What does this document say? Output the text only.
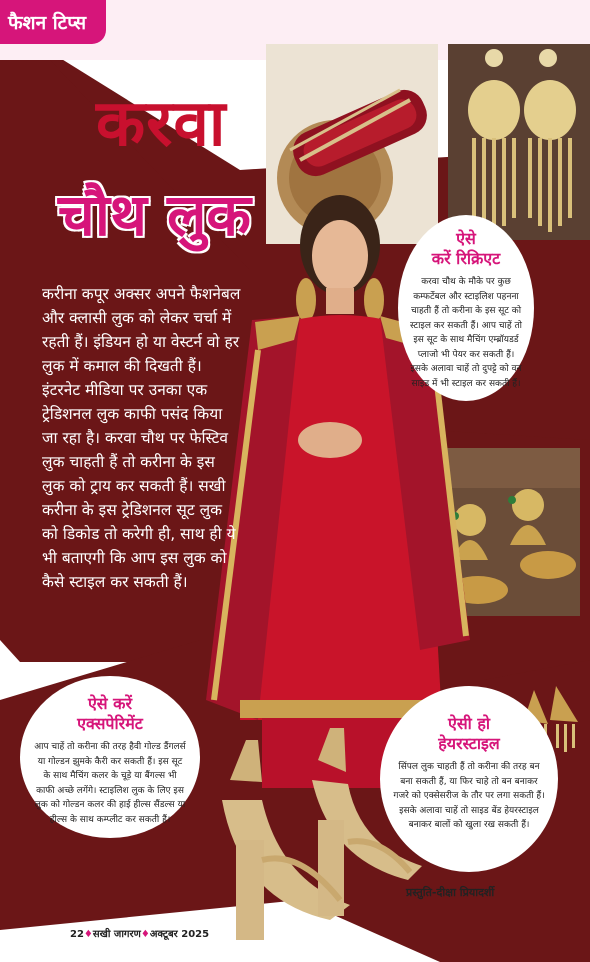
फैशन टिप्स
करवा
चौथ लुक
करीना कपूर अक्सर अपने फैशनेबल और क्लासी लुक को लेकर चर्चा में रहती हैं। इंडियन हो या वेस्टर्न वो हर लुक में कमाल की दिखती हैं। इंटरनेट मीडिया पर उनका एक ट्रेडिशनल लुक काफी पसंद किया जा रहा है। करवा चौथ पर फेस्टिव लुक चाहती हैं तो करीना के इस लुक को ट्राय कर सकती हैं। सखी करीना के इस ट्रेडिशनल सूट लुक को डिकोड तो करेगी ही, साथ ही ये भी बताएगी कि आप इस लुक को कैसे स्टाइल कर सकती हैं।
ऐसे
करें रिक्रिएट
करवा चौथ के मौके पर कुछ कम्फर्टेबल और स्टाइलिश पहनना चाहती हैं तो करीना के इस सूट को स्टाइल कर सकती हैं। आप चाहें तो इस सूट के साथ मैचिंग एम्ब्रॉयडर्ड प्लाजो भी पेयर कर सकती हैं। इसके अलावा चाहें तो दुपट्टे को वन साइड में भी स्टाइल कर सकती हैं।
ऐसे करें
एक्सपेरिमेंट
आप चाहें तो करीना की तरह हैवी गोल्ड डैंगलर्स या गोल्डन झुमके कैरी कर सकती हैं। इस सूट के साथ मैचिंग कलर के चूड़े या बैंगल्स भी काफी अच्छे लगेंगे। स्टाइलिश लुक के लिए इस लुक को गोल्डन कलर की हाई हील्स सैंडल्स या हील्स के साथ कम्प्लीट कर सकती हैं।
ऐसी हो
हेयरस्टाइल
सिंपल लुक चाहती हैं तो करीना की तरह बन बना सकती हैं, या फिर चाहे तो बन बनाकर गजरे को एक्सेसरीज के तौर पर लगा सकती हैं। इसके अलावा चाहें तो साइड बेंड हेयरस्टाइल बनाकर बालों को खुला रख सकती हैं।
प्रस्तुति-दीक्षा प्रियादर्शी
22♦सखी जागरण♦अक्टूबर 2025
